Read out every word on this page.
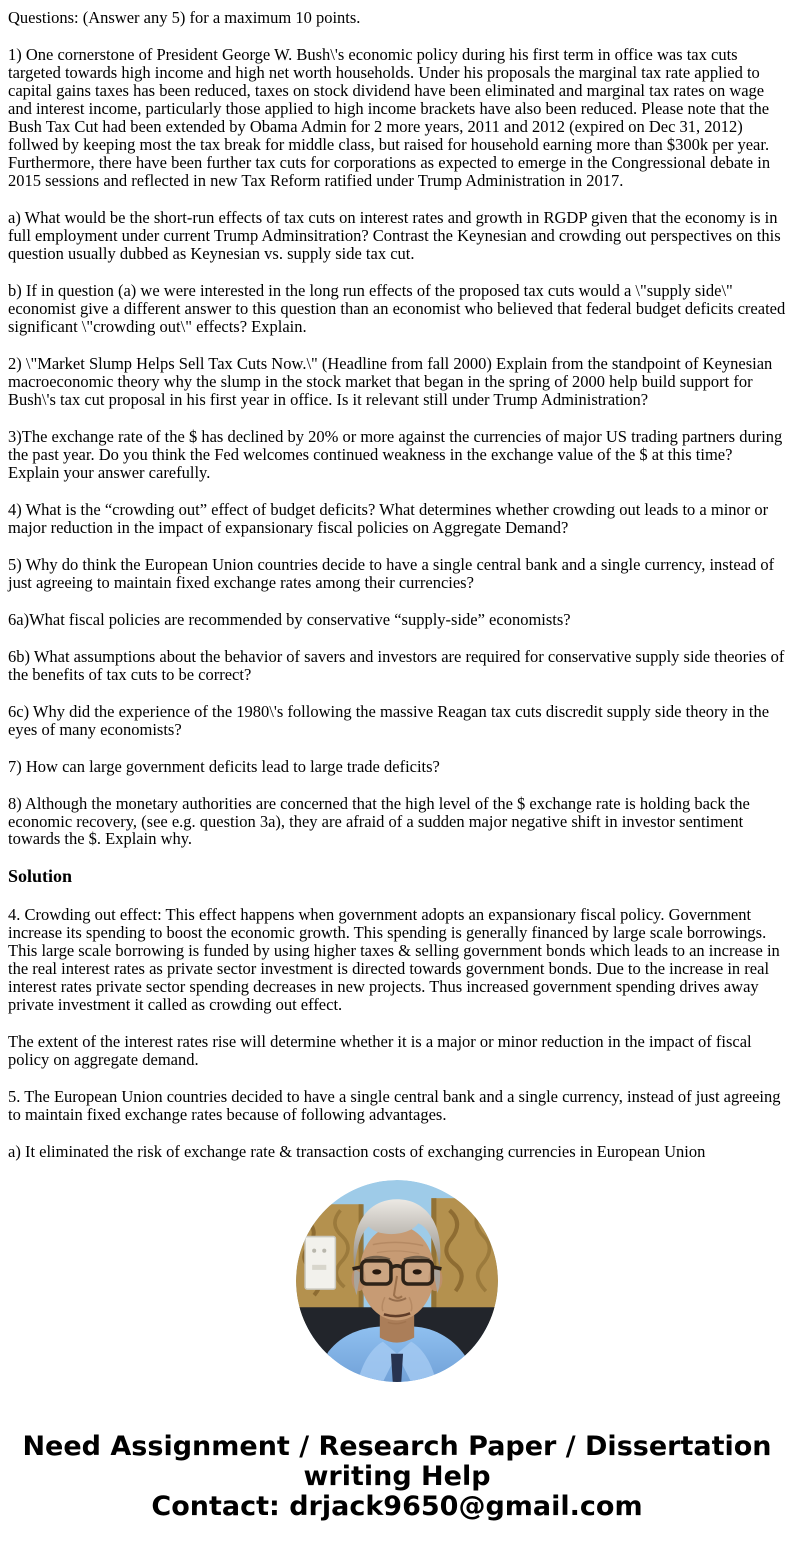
Questions: (Answer any 5) for a maximum 10 points.

1) One cornerstone of President George W. Bush\'s economic policy during his first term in office was tax cuts targeted towards high income and high net worth households. Under his proposals the marginal tax rate applied to capital gains taxes has been reduced, taxes on stock dividend have been eliminated and marginal tax rates on wage and interest income, particularly those applied to high income brackets have also been reduced. Please note that the Bush Tax Cut had been extended by Obama Admin for 2 more years, 2011 and 2012 (expired on Dec 31, 2012) follwed by keeping most the tax break for middle class, but raised for household earning more than $300k per year. Furthermore, there have been further tax cuts for corporations as expected to emerge in the Congressional debate in 2015 sessions and reflected in new Tax Reform ratified under Trump Administration in 2017.

a) What would be the short-run effects of tax cuts on interest rates and growth in RGDP given that the economy is in full employment under current Trump Adminsitration? Contrast the Keynesian and crowding out perspectives on this question usually dubbed as Keynesian vs. supply side tax cut.

b) If in question (a) we were interested in the long run effects of the proposed tax cuts would a \"supply side\" economist give a different answer to this question than an economist who believed that federal budget deficits created significant \"crowding out\" effects? Explain.

2) \"Market Slump Helps Sell Tax Cuts Now.\" (Headline from fall 2000) Explain from the standpoint of Keynesian macroeconomic theory why the slump in the stock market that began in the spring of 2000 help build support for Bush\'s tax cut proposal in his first year in office. Is it relevant still under Trump Administration?

3)The exchange rate of the $ has declined by 20% or more against the currencies of major US trading partners during the past year. Do you think the Fed welcomes continued weakness in the exchange value of the $ at this time? Explain your answer carefully.

4) What is the “crowding out” effect of budget deficits? What determines whether crowding out leads to a minor or major reduction in the impact of expansionary fiscal policies on Aggregate Demand?

5) Why do think the European Union countries decide to have a single central bank and a single currency, instead of just agreeing to maintain fixed exchange rates among their currencies?

6a)What fiscal policies are recommended by conservative “supply-side” economists?

6b) What assumptions about the behavior of savers and investors are required for conservative supply side theories of the benefits of tax cuts to be correct?

6c) Why did the experience of the 1980\'s following the massive Reagan tax cuts discredit supply side theory in the eyes of many economists?

7) How can large government deficits lead to large trade deficits?

8) Although the monetary authorities are concerned that the high level of the $ exchange rate is holding back the economic recovery, (see e.g. question 3a), they are afraid of a sudden major negative shift in investor sentiment towards the $. Explain why.

Solution

4. Crowding out effect: This effect happens when government adopts an expansionary fiscal policy. Government increase its spending to boost the economic growth. This spending is generally financed by large scale borrowings. This large scale borrowing is funded by using higher taxes & selling government bonds which leads to an increase in the real interest rates as private sector investment is directed towards government bonds. Due to the increase in real interest rates private sector spending decreases in new projects. Thus increased government spending drives away private investment it called as crowding out effect.

The extent of the interest rates rise will determine whether it is a major or minor reduction in the impact of fiscal policy on aggregate demand.

5. The European Union countries decided to have a single central bank and a single currency, instead of just agreeing to maintain fixed exchange rates because of following advantages.

a) It eliminated the risk of exchange rate & transaction costs of exchanging currencies in European Union

Need Assignment / Research Paper / Dissertation
writing Help
Contact: drjack9650@gmail.com
